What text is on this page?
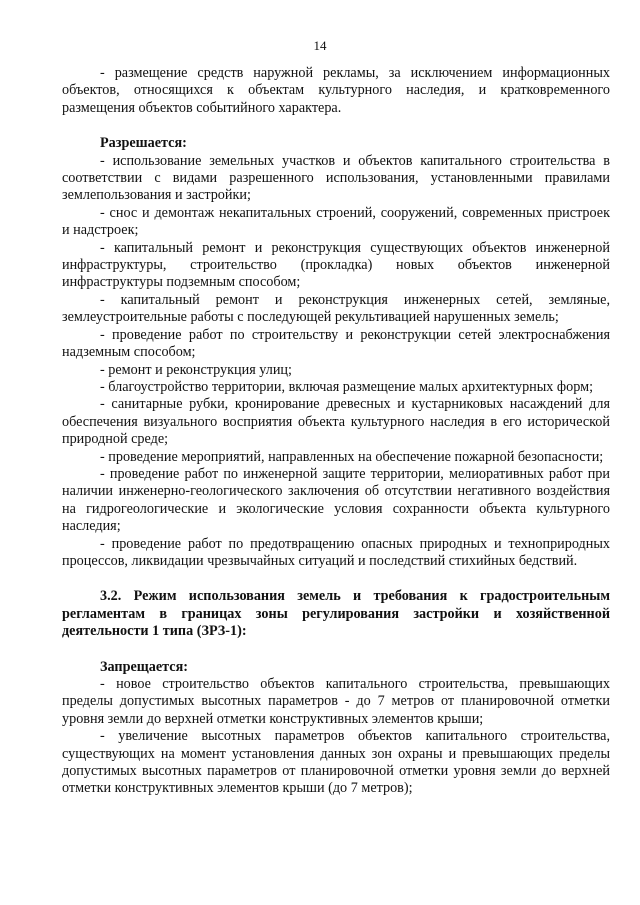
14

- размещение средств наружной рекламы, за исключением информационных объектов, относящихся к объектам культурного наследия, и кратковременного размещения объектов событийного характера.

Разрешается:

- использование земельных участков и объектов капитального строительства в соответствии с видами разрешенного использования, установленными правилами землепользования и застройки;

- снос и демонтаж некапитальных строений, сооружений, современных пристроек и надстроек;

- капитальный ремонт и реконструкция существующих объектов инженерной инфраструктуры, строительство (прокладка) новых объектов инженерной инфраструктуры подземным способом;

- капитальный ремонт и реконструкция инженерных сетей, земляные, землеустроительные работы с последующей рекультивацией нарушенных земель;

- проведение работ по строительству и реконструкции сетей электроснабжения надземным способом;

- ремонт и реконструкция улиц;

- благоустройство территории, включая размещение малых архитектурных форм;

- санитарные рубки, кронирование древесных и кустарниковых насаждений для обеспечения визуального восприятия объекта культурного наследия в его исторической природной среде;

- проведение мероприятий, направленных на обеспечение пожарной безопасности;

- проведение работ по инженерной защите территории, мелиоративных работ при наличии инженерно-геологического заключения об отсутствии негативного воздействия на гидрогеологические и экологические условия сохранности объекта культурного наследия;

- проведение работ по предотвращению опасных природных и техноприродных процессов, ликвидации чрезвычайных ситуаций и последствий стихийных бедствий.

3.2. Режим использования земель и требования к градостроительным регламентам в границах зоны регулирования застройки и хозяйственной деятельности 1 типа (ЗРЗ-1):

Запрещается:

- новое строительство объектов капитального строительства, превышающих пределы допустимых высотных параметров - до 7 метров от планировочной отметки уровня земли до верхней отметки конструктивных элементов крыши;

- увеличение высотных параметров объектов капитального строительства, существующих на момент установления данных зон охраны и превышающих пределы допустимых высотных параметров от планировочной отметки уровня земли до верхней отметки конструктивных элементов крыши (до 7 метров);
